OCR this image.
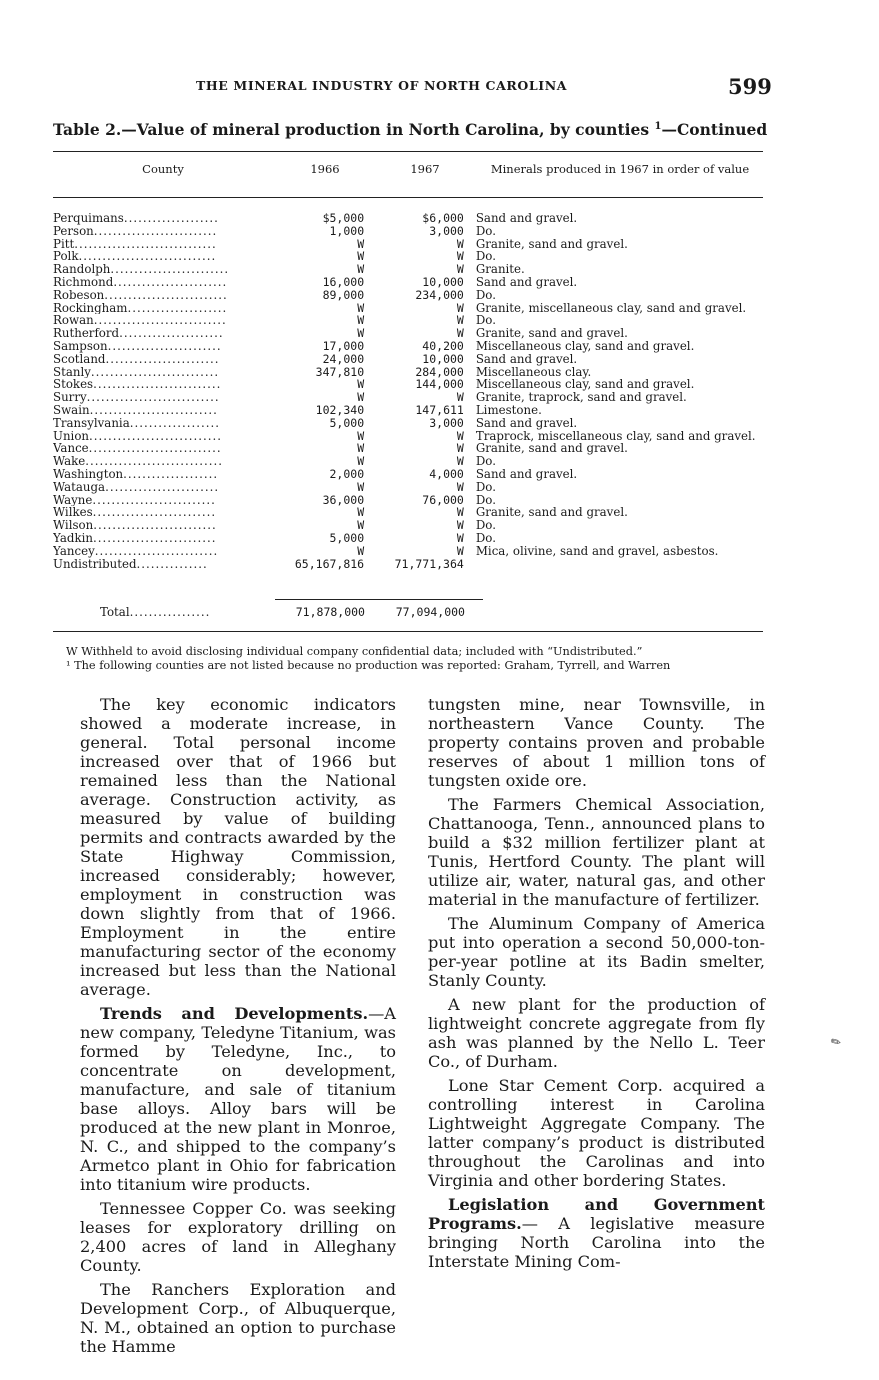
THE MINERAL INDUSTRY OF NORTH CAROLINA	599
Table 2.—Value of mineral production in North Carolina, by counties $^1$—Continued
County	1966	1967	Minerals produced in 1967 in order of value
Perquimans....................	$5,000	$6,000	Sand and gravel.
Person..........................	1,000	3,000	Do.
Pitt..............................	W	W	Granite, sand and gravel.
Polk.............................	W	W	Do.
Randolph.........................	W	W	Granite.
Richmond........................	16,000	10,000	Sand and gravel.
Robeson..........................	89,000	234,000	Do.
Rockingham.....................	W	W	Granite, miscellaneous clay, sand and gravel.
Rowan............................	W	W	Do.
Rutherford......................	W	W	Granite, sand and gravel.
Sampson........................	17,000	40,200	Miscellaneous clay, sand and gravel.
Scotland........................	24,000	10,000	Sand and gravel.
Stanly...........................	347,810	284,000	Miscellaneous clay.
Stokes...........................	W	144,000	Miscellaneous clay, sand and gravel.
Surry............................	W	W	Granite, traprock, sand and gravel.
Swain...........................	102,340	147,611	Limestone.
Transylvania...................	5,000	3,000	Sand and gravel.
Union............................	W	W	Traprock, miscellaneous clay, sand and gravel.
Vance............................	W	W	Granite, sand and gravel.
Wake.............................	W	W	Do.
Washington....................	2,000	4,000	Sand and gravel.
Watauga........................	W	W	Do.
Wayne..........................	36,000	76,000	Do.
Wilkes..........................	W	W	Granite, sand and gravel.
Wilson..........................	W	W	Do.
Yadkin..........................	5,000	W	Do.
Yancey..........................	W	W	Mica, olivine, sand and gravel, asbestos.
Undistributed...............	65,167,816	71,771,364
Total.................	71,878,000	77,094,000
W Withheld to avoid disclosing individual company confidential data; included with “Undistributed.”
¹ The following counties are not listed because no production was reported: Graham, Tyrrell, and Warren

The key economic indicators showed a moderate increase, in general. Total personal income increased over that of 1966 but remained less than the National average. Construction activity, as measured by value of building permits and contracts awarded by the State Highway Commission, increased considerably; however, employment in construction was down slightly from that of 1966. Employment in the entire manufacturing sector of the economy increased but less than the National average.

Trends and Developments.—A new company, Teledyne Titanium, was formed by Teledyne, Inc., to concentrate on development, manufacture, and sale of titanium base alloys. Alloy bars will be produced at the new plant in Monroe, N. C., and shipped to the company’s Armetco plant in Ohio for fabrication into titanium wire products.

Tennessee Copper Co. was seeking leases for exploratory drilling on 2,400 acres of land in Alleghany County.

The Ranchers Exploration and Development Corp., of Albuquerque, N. M., obtained an option to purchase the Hamme

tungsten mine, near Townsville, in northeastern Vance County. The property contains proven and probable reserves of about 1 million tons of tungsten oxide ore.

The Farmers Chemical Association, Chattanooga, Tenn., announced plans to build a $32 million fertilizer plant at Tunis, Hertford County. The plant will utilize air, water, natural gas, and other material in the manufacture of fertilizer.

The Aluminum Company of America put into operation a second 50,000-ton-per-year potline at its Badin smelter, Stanly County.

A new plant for the production of lightweight concrete aggregate from fly ash was planned by the Nello L. Teer Co., of Durham.

Lone Star Cement Corp. acquired a controlling interest in Carolina Lightweight Aggregate Company. The latter company’s product is distributed throughout the Carolinas and into Virginia and other bordering States.

Legislation and Government Programs.— A legislative measure bringing North Carolina into the Interstate Mining Com-

✎
